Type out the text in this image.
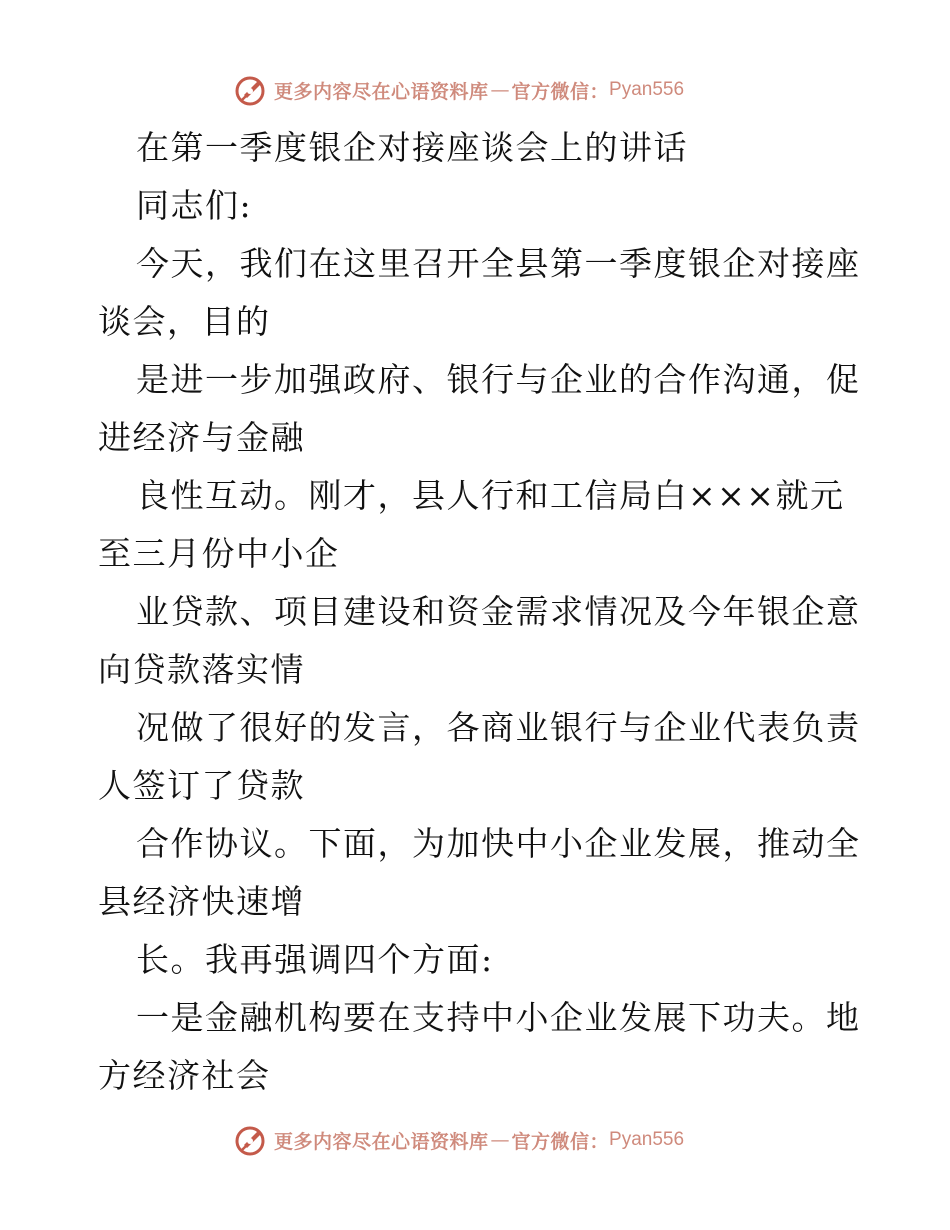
更多内容尽在心语资料库 — 官方微信： Pyan556
在第一季度银企对接座谈会上的讲话
同志们:
今天，我们在这里召开全县第一季度银企对接座
谈会，目的
是进一步加强政府、银行与企业的合作沟通，促
进经济与金融
良性互动。刚才，县人行和工信局白×××就元
至三月份中小企
业贷款、项目建设和资金需求情况及今年银企意
向贷款落实情
况做了很好的发言，各商业银行与企业代表负责
人签订了贷款
合作协议。下面，为加快中小企业发展，推动全
县经济快速增
长。我再强调四个方面:
一是金融机构要在支持中小企业发展下功夫。地
方经济社会
更多内容尽在心语资料库 — 官方微信： Pyan556
